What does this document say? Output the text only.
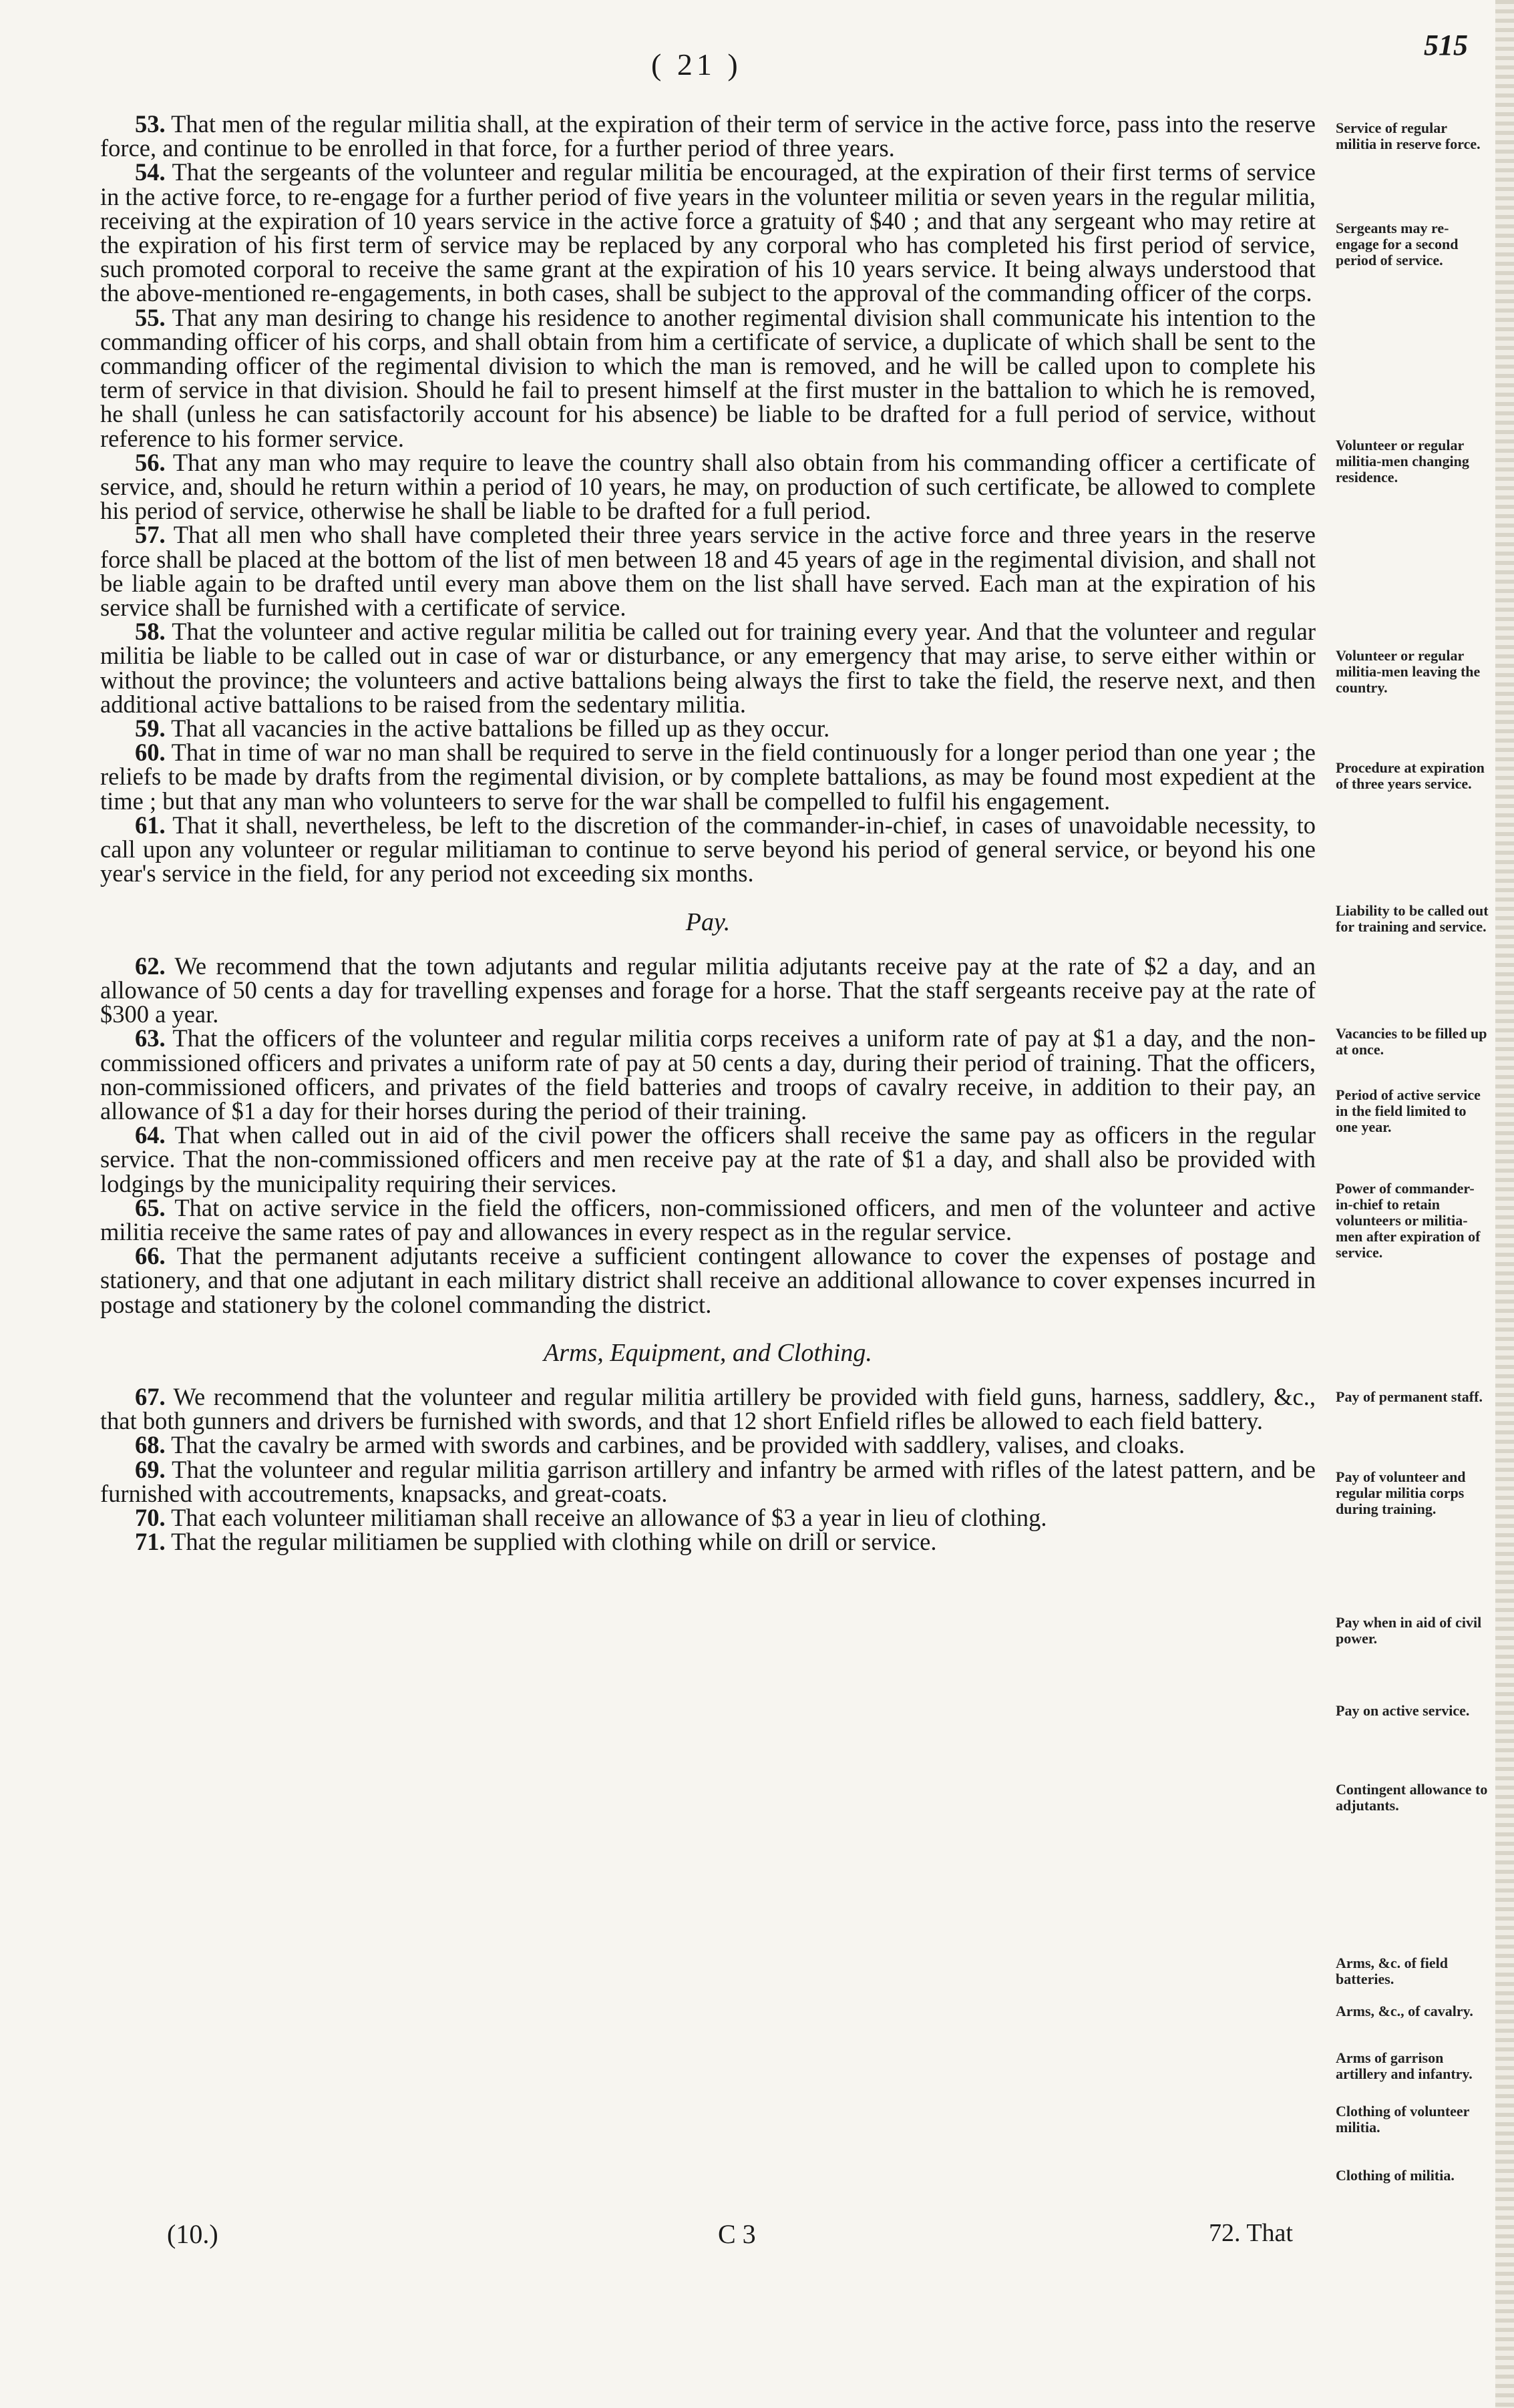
( 21 )
515

53. That men of the regular militia shall, at the expiration of their term of service in the active force, pass into the reserve force, and continue to be enrolled in that force, for a further period of three years.

54. That the sergeants of the volunteer and regular militia be encouraged, at the expiration of their first terms of service in the active force, to re-engage for a further period of five years in the volunteer militia or seven years in the regular militia, receiving at the expiration of 10 years service in the active force a gratuity of $40 ; and that any sergeant who may retire at the expiration of his first term of service may be replaced by any corporal who has completed his first period of service, such promoted corporal to receive the same grant at the expiration of his 10 years service. It being always understood that the above-mentioned re-engagements, in both cases, shall be subject to the approval of the commanding officer of the corps.

55. That any man desiring to change his residence to another regimental division shall communicate his intention to the commanding officer of his corps, and shall obtain from him a certificate of service, a duplicate of which shall be sent to the commanding officer of the regimental division to which the man is removed, and he will be called upon to complete his term of service in that division. Should he fail to present himself at the first muster in the battalion to which he is removed, he shall (unless he can satisfactorily account for his absence) be liable to be drafted for a full period of service, without reference to his former service.

56. That any man who may require to leave the country shall also obtain from his commanding officer a certificate of service, and, should he return within a period of 10 years, he may, on production of such certificate, be allowed to complete his period of service, otherwise he shall be liable to be drafted for a full period.

57. That all men who shall have completed their three years service in the active force and three years in the reserve force shall be placed at the bottom of the list of men between 18 and 45 years of age in the regimental division, and shall not be liable again to be drafted until every man above them on the list shall have served. Each man at the expiration of his service shall be furnished with a certificate of service.

58. That the volunteer and active regular militia be called out for training every year. And that the volunteer and regular militia be liable to be called out in case of war or disturbance, or any emergency that may arise, to serve either within or without the province; the volunteers and active battalions being always the first to take the field, the reserve next, and then additional active battalions to be raised from the sedentary militia.

59. That all vacancies in the active battalions be filled up as they occur.

60. That in time of war no man shall be required to serve in the field continuously for a longer period than one year ; the reliefs to be made by drafts from the regimental division, or by complete battalions, as may be found most expedient at the time ; but that any man who volunteers to serve for the war shall be compelled to fulfil his engagement.

61. That it shall, nevertheless, be left to the discretion of the commander-in-chief, in cases of unavoidable necessity, to call upon any volunteer or regular militiaman to continue to serve beyond his period of general service, or beyond his one year's service in the field, for any period not exceeding six months.

Pay.

62. We recommend that the town adjutants and regular militia adjutants receive pay at the rate of $2 a day, and an allowance of 50 cents a day for travelling expenses and forage for a horse. That the staff sergeants receive pay at the rate of $300 a year.

63. That the officers of the volunteer and regular militia corps receives a uniform rate of pay at $1 a day, and the non-commissioned officers and privates a uniform rate of pay at 50 cents a day, during their period of training. That the officers, non-commissioned officers, and privates of the field batteries and troops of cavalry receive, in addition to their pay, an allowance of $1 a day for their horses during the period of their training.

64. That when called out in aid of the civil power the officers shall receive the same pay as officers in the regular service. That the non-commissioned officers and men receive pay at the rate of $1 a day, and shall also be provided with lodgings by the municipality requiring their services.

65. That on active service in the field the officers, non-commissioned officers, and men of the volunteer and active militia receive the same rates of pay and allowances in every respect as in the regular service.

66. That the permanent adjutants receive a sufficient contingent allowance to cover the expenses of postage and stationery, and that one adjutant in each military district shall receive an additional allowance to cover expenses incurred in postage and stationery by the colonel commanding the district.

Arms, Equipment, and Clothing.

67. We recommend that the volunteer and regular militia artillery be provided with field guns, harness, saddlery, &c., that both gunners and drivers be furnished with swords, and that 12 short Enfield rifles be allowed to each field battery.

68. That the cavalry be armed with swords and carbines, and be provided with saddlery, valises, and cloaks.

69. That the volunteer and regular militia garrison artillery and infantry be armed with rifles of the latest pattern, and be furnished with accoutrements, knapsacks, and great-coats.

70. That each volunteer militiaman shall receive an allowance of $3 a year in lieu of clothing.

71. That the regular militiamen be supplied with clothing while on drill or service.

Service of regular militia in reserve force.
Sergeants may re-engage for a second period of service.
Volunteer or regular militia-men changing residence.
Volunteer or regular militia-men leaving the country.
Procedure at expiration of three years service.
Liability to be called out for training and service.
Vacancies to be filled up at once.
Period of active service in the field limited to one year.
Power of commander-in-chief to retain volunteers or militia-men after expiration of service.
Pay of permanent staff.
Pay of volunteer and regular militia corps during training.
Pay when in aid of civil power.
Pay on active service.
Contingent allowance to adjutants.
Arms, &c. of field batteries.
Arms, &c., of cavalry.
Arms of garrison artillery and infantry.
Clothing of volunteer militia.
Clothing of militia.
(10.)	C 3	72. That
